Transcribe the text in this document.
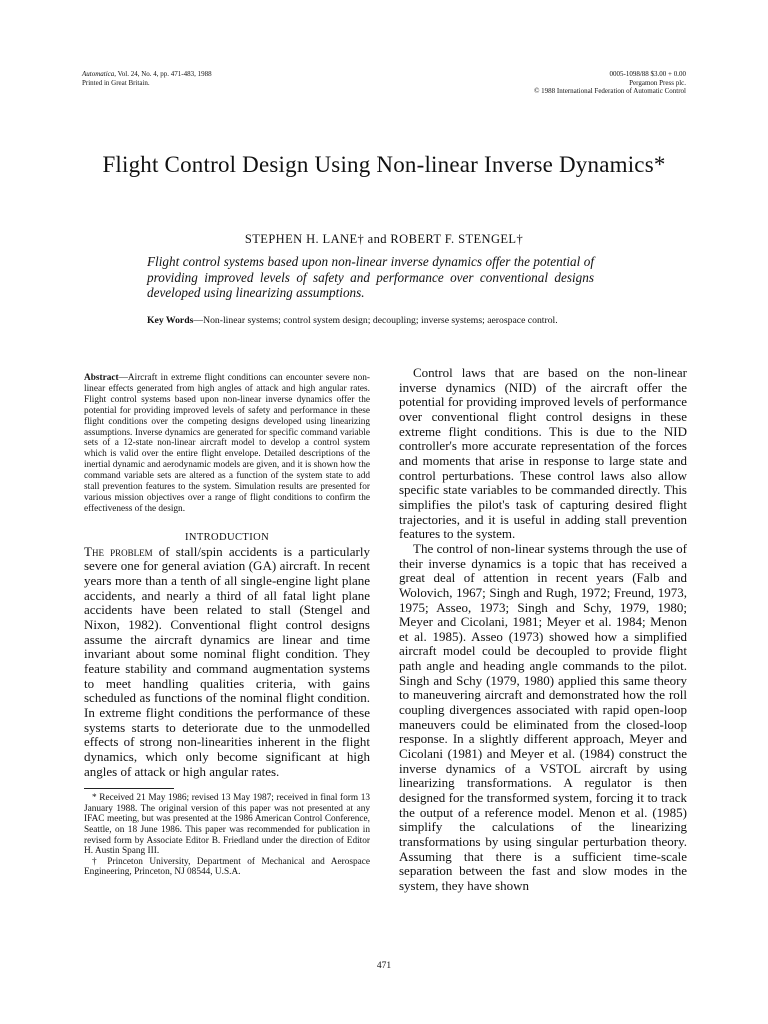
Automatica, Vol. 24, No. 4, pp. 471-483, 1988
Printed in Great Britain.
0005-1098/88 $3.00 + 0.00
Pergamon Press plc.
© 1988 International Federation of Automatic Control
Flight Control Design Using Non-linear Inverse Dynamics*
STEPHEN H. LANE† and ROBERT F. STENGEL†
Flight control systems based upon non-linear inverse dynamics offer the potential of providing improved levels of safety and performance over conventional designs developed using linearizing assumptions.
Key Words—Non-linear systems; control system design; decoupling; inverse systems; aerospace control.

Abstract—Aircraft in extreme flight conditions can encounter severe non-linear effects generated from high angles of attack and high angular rates. Flight control systems based upon non-linear inverse dynamics offer the potential for providing improved levels of safety and performance in these flight conditions over the competing designs developed using linearizing assumptions. Inverse dynamics are generated for specific command variable sets of a 12-state non-linear aircraft model to develop a control system which is valid over the entire flight envelope. Detailed descriptions of the inertial dynamic and aerodynamic models are given, and it is shown how the command variable sets are altered as a function of the system state to add stall prevention features to the system. Simulation results are presented for various mission objectives over a range of flight conditions to confirm the effectiveness of the design.

INTRODUCTION

The problem of stall/spin accidents is a particularly severe one for general aviation (GA) aircraft. In recent years more than a tenth of all single-engine light plane accidents, and nearly a third of all fatal light plane accidents have been related to stall (Stengel and Nixon, 1982). Conventional flight control designs assume the aircraft dynamics are linear and time invariant about some nominal flight condition. They feature stability and command augmentation systems to meet handling qualities criteria, with gains scheduled as functions of the nominal flight condition. In extreme flight conditions the performance of these systems starts to deteriorate due to the unmodelled effects of strong non-linearities inherent in the flight dynamics, which only become significant at high angles of attack or high angular rates.

* Received 21 May 1986; revised 13 May 1987; received in final form 13 January 1988. The original version of this paper was not presented at any IFAC meeting, but was presented at the 1986 American Control Conference, Seattle, on 18 June 1986. This paper was recommended for publication in revised form by Associate Editor B. Friedland under the direction of Editor H. Austin Spang III.

† Princeton University, Department of Mechanical and Aerospace Engineering, Princeton, NJ 08544, U.S.A.

Control laws that are based on the non-linear inverse dynamics (NID) of the aircraft offer the potential for providing improved levels of performance over conventional flight control designs in these extreme flight conditions. This is due to the NID controller's more accurate representation of the forces and moments that arise in response to large state and control perturbations. These control laws also allow specific state variables to be commanded directly. This simplifies the pilot's task of capturing desired flight trajectories, and it is useful in adding stall prevention features to the system.

The control of non-linear systems through the use of their inverse dynamics is a topic that has received a great deal of attention in recent years (Falb and Wolovich, 1967; Singh and Rugh, 1972; Freund, 1973, 1975; Asseo, 1973; Singh and Schy, 1979, 1980; Meyer and Cicolani, 1981; Meyer et al. 1984; Menon et al. 1985). Asseo (1973) showed how a simplified aircraft model could be decoupled to provide flight path angle and heading angle commands to the pilot. Singh and Schy (1979, 1980) applied this same theory to maneuvering aircraft and demonstrated how the roll coupling divergences associated with rapid open-loop maneuvers could be eliminated from the closed-loop response. In a slightly different approach, Meyer and Cicolani (1981) and Meyer et al. (1984) construct the inverse dynamics of a VSTOL aircraft by using linearizing transformations. A regulator is then designed for the transformed system, forcing it to track the output of a reference model. Menon et al. (1985) simplify the calculations of the linearizing transformations by using singular perturbation theory. Assuming that there is a sufficient time-scale separation between the fast and slow modes in the system, they have shown

471
